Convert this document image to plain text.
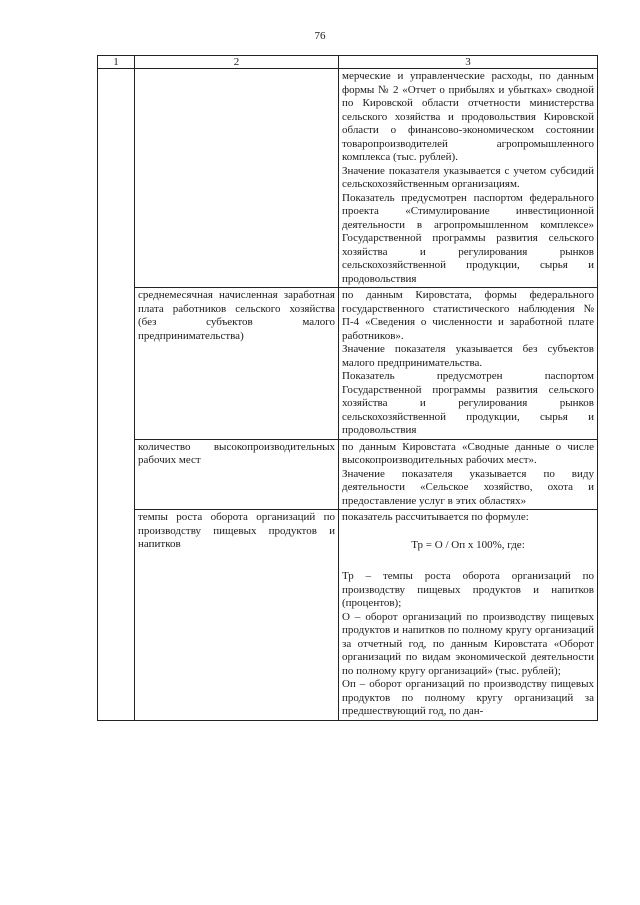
76
1	2	3

		мерческие и управленческие расходы, по данным формы № 2 «Отчет о прибылях и убытках» сводной по Кировской области отчетности министерства сельского хозяйства и продовольствия Кировской области о финансово-экономическом состоянии товаропроизводителей агропромышленного комплекса (тыс. рублей).

Значение показателя указывается с учетом субсидий сельскохозяйственным организациям.

Показатель предусмотрен паспортом федерального проекта «Стимулирование инвестиционной деятельности в агропромышленном комплексе» Государственной программы развития сельского хозяйства и регулирования рынков сельскохозяйственной продукции, сырья и продовольствия

	среднемесячная начисленная заработная плата работников сельского хозяйства (без субъектов малого предпринимательства)	по данным Кировстата, формы федерального государственного статистического наблюдения № П-4 «Сведения о численности и заработной плате работников».

Значение показателя указывается без субъектов малого предпринимательства.

Показатель предусмотрен паспортом Государственной программы развития сельского хозяйства и регулирования рынков сельскохозяйственной продукции, сырья и продовольствия

	количество высокопроизводительных рабочих мест	по данным Кировстата «Сводные данные о числе высокопроизводительных рабочих мест».

Значение показателя указывается по виду деятельности «Сельское хозяйство, охота и предоставление услуг в этих областях»

	темпы роста оборота организаций по производству пищевых продуктов и напитков	показатель рассчитывается по формуле:

Тр = О / Оп x 100%, где:

Тр – темпы роста оборота организаций по производству пищевых продуктов и напитков (процентов);

О – оборот организаций по производству пищевых продуктов и напитков по полному кругу организаций за отчетный год, по данным Кировстата «Оборот организаций по видам экономической деятельности по полному кругу организаций» (тыс. рублей);

Оп – оборот организаций по производству пищевых продуктов по полному кругу организаций за предшествующий год, по дан-
